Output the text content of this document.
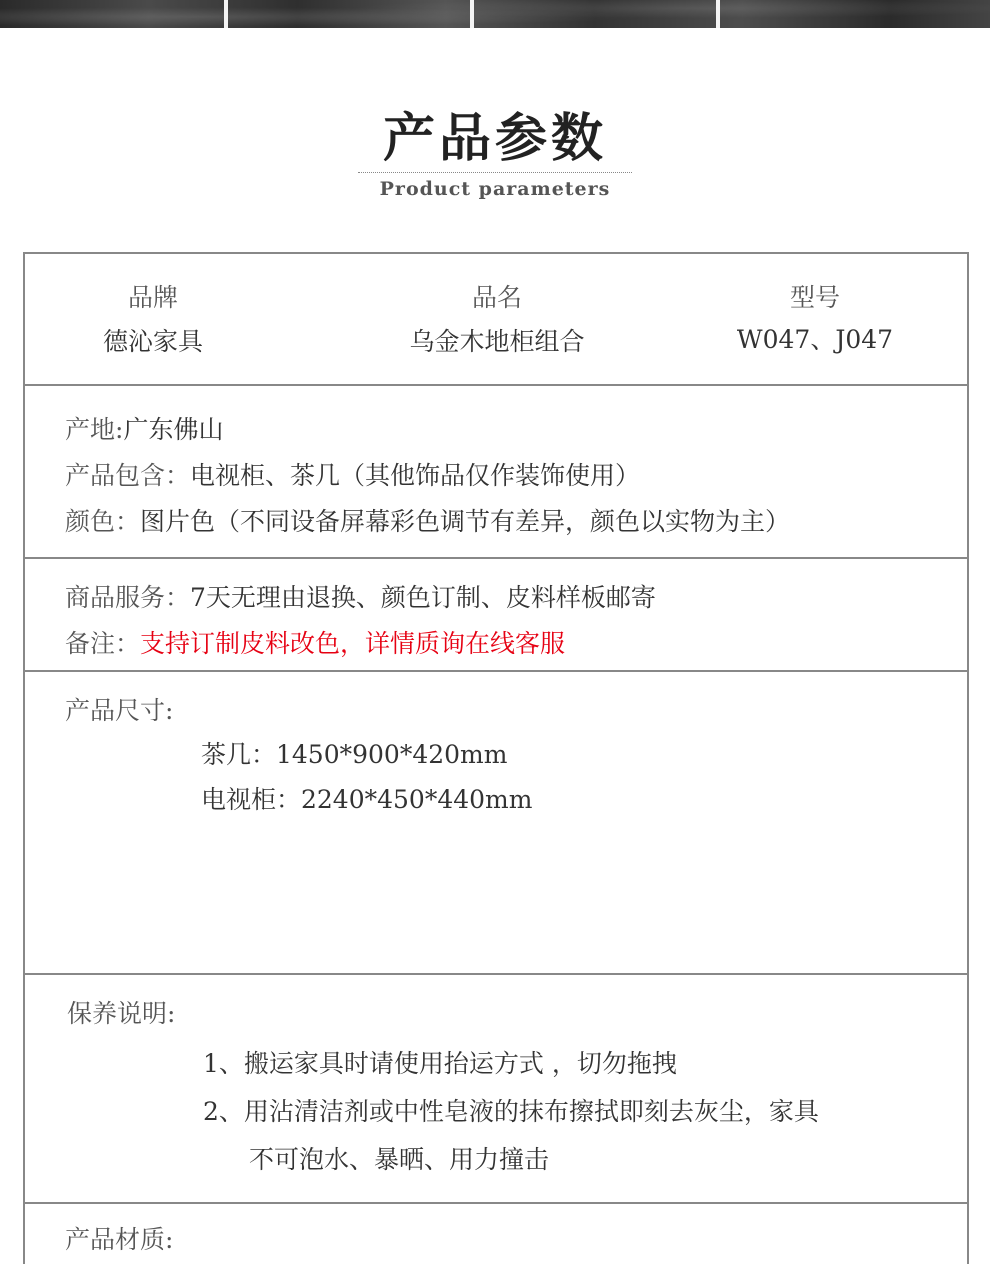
产品参数
Product parameters
品牌
德沁家具
品名
乌金木地柜组合
型号
W047、J047
产地:广东佛山
产品包含：电视柜、茶几（其他饰品仅作装饰使用）
颜色：图片色（不同设备屏幕彩色调节有差异，颜色以实物为主）
商品服务：7天无理由退换、颜色订制、皮料样板邮寄
备注：支持订制皮料改色，详情质询在线客服
产品尺寸:
茶几：1450*900*420mm
电视柜：2240*450*440mm
保养说明:
1、搬运家具时请使用抬运方式 ，切勿拖拽
2、用沾清洁剂或中性皂液的抹布擦拭即刻去灰尘，家具
不可泡水、暴晒、用力撞击
产品材质:
